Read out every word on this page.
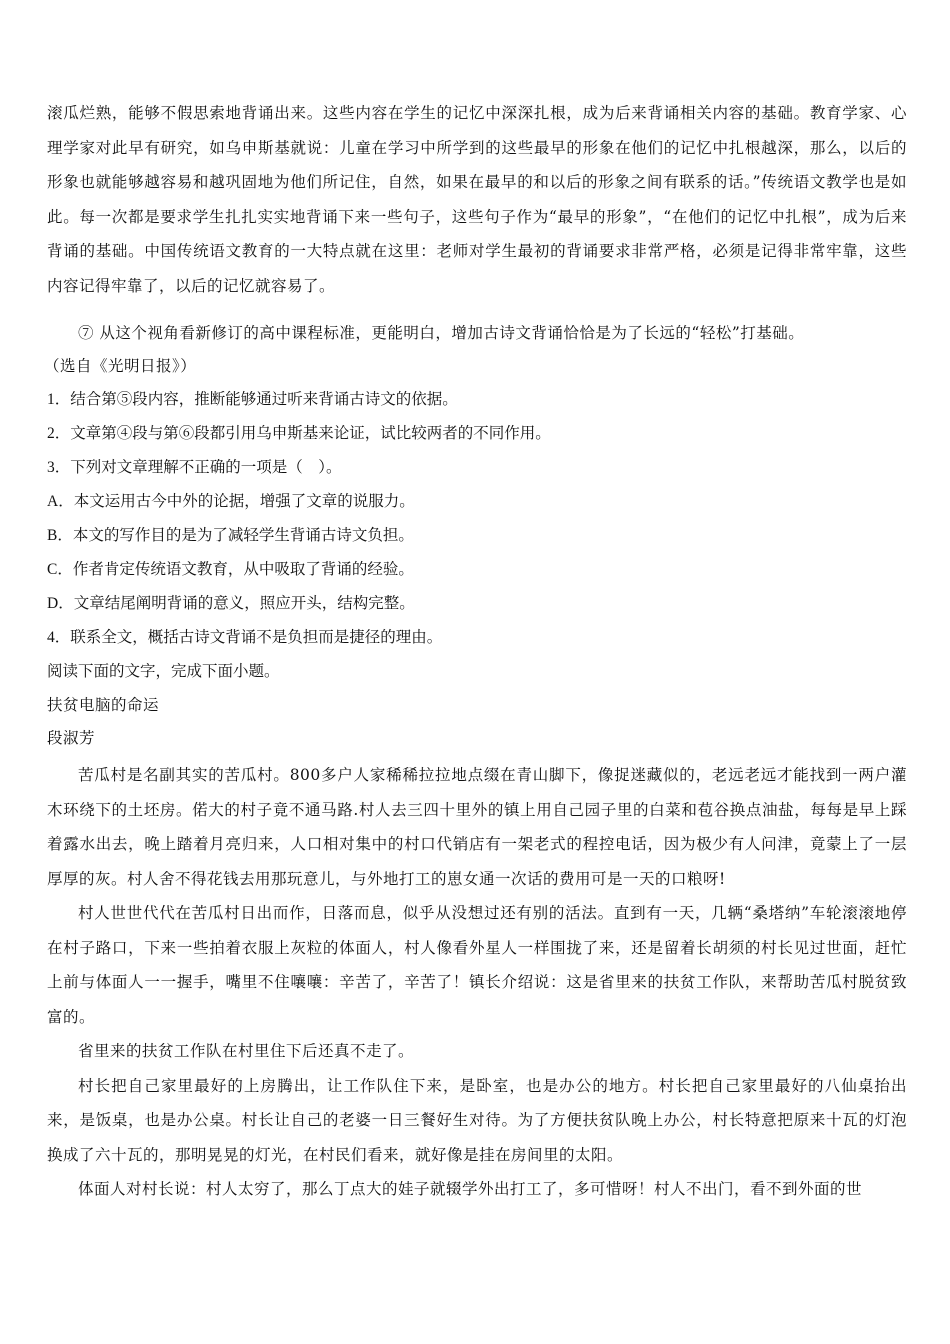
滚瓜烂熟，能够不假思索地背诵出来。这些内容在学生的记忆中深深扎根，成为后来背诵相关内容的基础。教育学家、心理学家对此早有研究，如乌申斯基就说：儿童在学习中所学到的这些最早的形象在他们的记忆中扎根越深，那么，以后的形象也就能够越容易和越巩固地为他们所记住，自然，如果在最早的和以后的形象之间有联系的话。”传统语文教学也是如此。每一次都是要求学生扎扎实实地背诵下来一些句子，这些句子作为“最早的形象”，“在他们的记忆中扎根”，成为后来背诵的基础。中国传统语文教育的一大特点就在这里：老师对学生最初的背诵要求非常严格，必须是记得非常牢靠，这些内容记得牢靠了，以后的记忆就容易了。

⑦ 从这个视角看新修订的高中课程标准，更能明白，增加古诗文背诵恰恰是为了长远的“轻松”打基础。
（选自《光明日报》）
1．结合第⑤段内容，推断能够通过听来背诵古诗文的依据。
2．文章第④段与第⑥段都引用乌申斯基来论证，试比较两者的不同作用。
3．下列对文章理解不正确的一项是（　）。
A．本文运用古今中外的论据，增强了文章的说服力。
B．本文的写作目的是为了减轻学生背诵古诗文负担。
C．作者肯定传统语文教育，从中吸取了背诵的经验。
D．文章结尾阐明背诵的意义，照应开头，结构完整。
4．联系全文，概括古诗文背诵不是负担而是捷径的理由。
阅读下面的文字，完成下面小题。
扶贫电脑的命运
段淑芳

苦瓜村是名副其实的苦瓜村。800多户人家稀稀拉拉地点缀在青山脚下，像捉迷藏似的，老远老远才能找到一两户灌木环绕下的土坯房。偌大的村子竟不通马路.村人去三四十里外的镇上用自己园子里的白菜和苞谷换点油盐，每每是早上踩着露水出去，晚上踏着月亮归来，人口相对集中的村口代销店有一架老式的程控电话，因为极少有人问津，竟蒙上了一层厚厚的灰。村人舍不得花钱去用那玩意儿，与外地打工的崽女通一次话的费用可是一天的口粮呀!

村人世世代代在苦瓜村日出而作，日落而息，似乎从没想过还有别的活法。直到有一天，几辆“桑塔纳”车轮滚滚地停在村子路口，下来一些拍着衣服上灰粒的体面人，村人像看外星人一样围拢了来，还是留着长胡须的村长见过世面，赶忙上前与体面人一一握手，嘴里不住嚷嚷：辛苦了，辛苦了！镇长介绍说：这是省里来的扶贫工作队，来帮助苦瓜村脱贫致富的。

省里来的扶贫工作队在村里住下后还真不走了。

村长把自己家里最好的上房腾出，让工作队住下来，是卧室，也是办公的地方。村长把自己家里最好的八仙桌抬出来，是饭桌，也是办公桌。村长让自己的老婆一日三餐好生对待。为了方便扶贫队晚上办公，村长特意把原来十瓦的灯泡换成了六十瓦的，那明晃晃的灯光，在村民们看来，就好像是挂在房间里的太阳。

体面人对村长说：村人太穷了，那么丁点大的娃子就辍学外出打工了，多可惜呀！村人不出门，看不到外面的世
